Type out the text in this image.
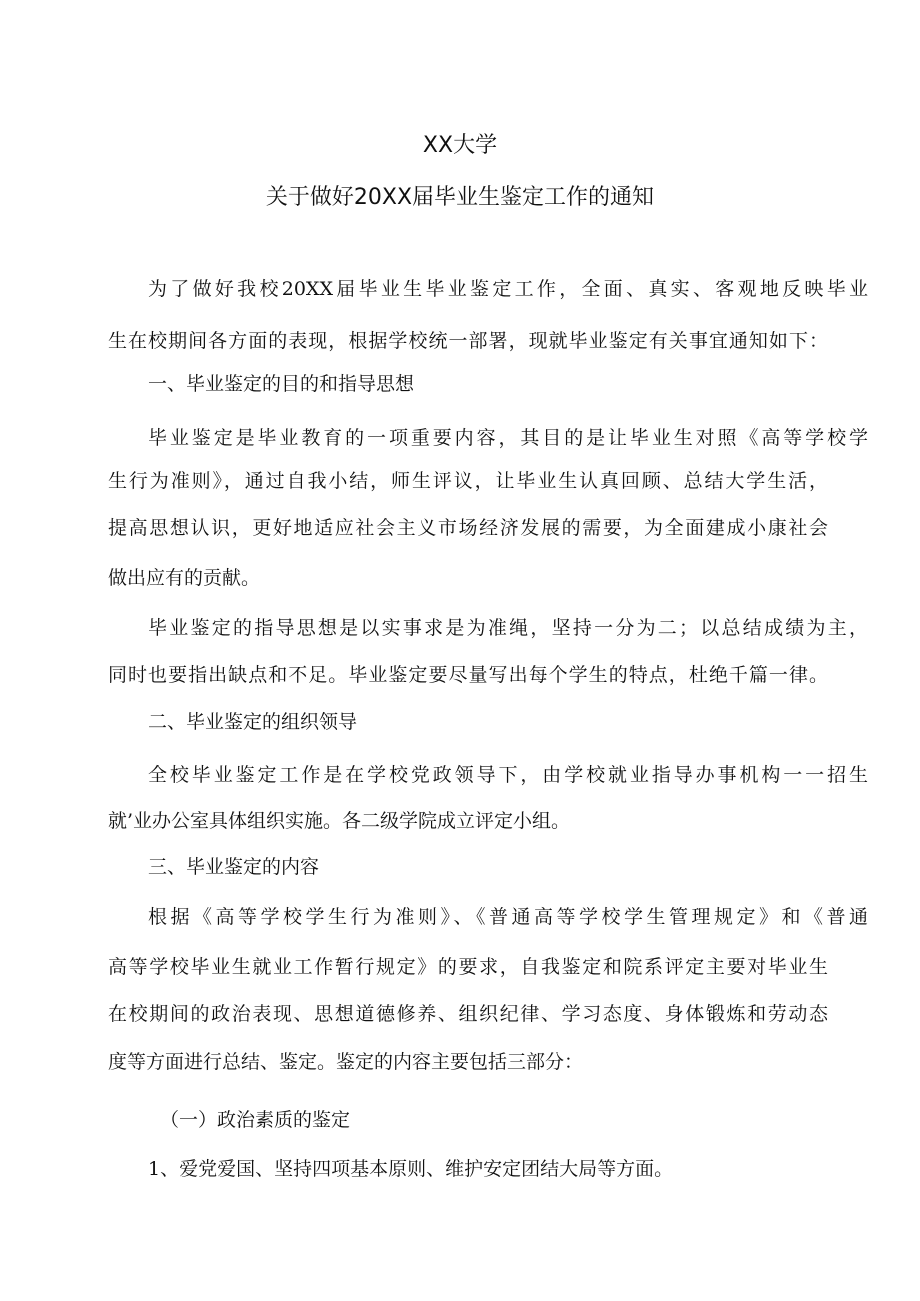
XX大学
关于做好20XX届毕业生鉴定工作的通知
为了做好我校20XX届毕业生毕业鉴定工作，全面、真实、客观地反映毕业
生在校期间各方面的表现，根据学校统一部署，现就毕业鉴定有关事宜通知如下：
一、毕业鉴定的目的和指导思想
毕业鉴定是毕业教育的一项重要内容，其目的是让毕业生对照《高等学校学
生行为准则》，通过自我小结，师生评议，让毕业生认真回顾、总结大学生活，
提高思想认识，更好地适应社会主义市场经济发展的需要，为全面建成小康社会
做出应有的贡献。
毕业鉴定的指导思想是以实事求是为准绳，坚持一分为二；以总结成绩为主，
同时也要指出缺点和不足。毕业鉴定要尽量写出每个学生的特点，杜绝千篇一律。
二、毕业鉴定的组织领导
全校毕业鉴定工作是在学校党政领导下，由学校就业指导办事机构一一招生
就’业办公室具体组织实施。各二级学院成立评定小组。
三、毕业鉴定的内容
根据《高等学校学生行为准则》、《普通高等学校学生管理规定》和《普通
高等学校毕业生就业工作暂行规定》的要求，自我鉴定和院系评定主要对毕业生
在校期间的政治表现、思想道德修养、组织纪律、学习态度、身体锻炼和劳动态
度等方面进行总结、鉴定。鉴定的内容主要包括三部分：
（一）政治素质的鉴定
1、爱党爱国、坚持四项基本原则、维护安定团结大局等方面。
